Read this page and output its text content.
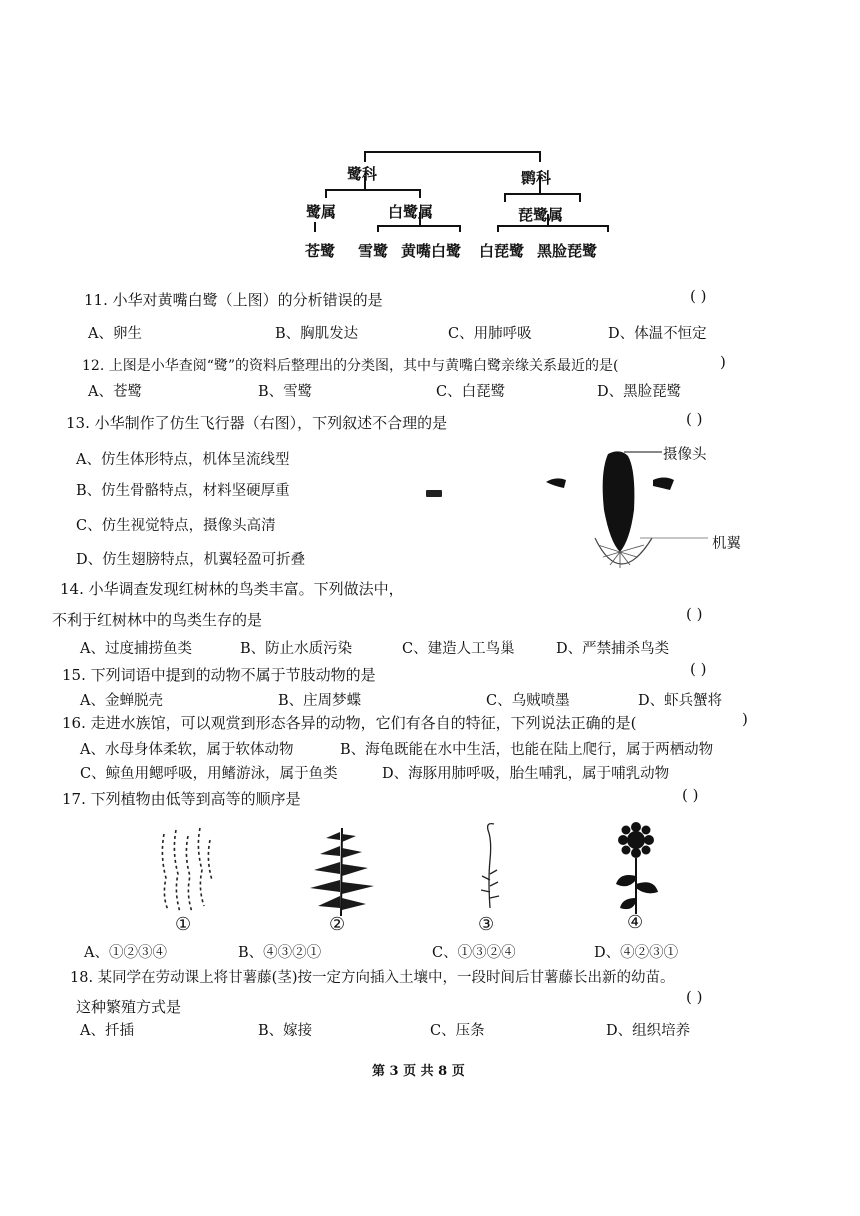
鹭科	鹮科
鹭属	白鹭属	琵鹭属
苍鹭 雪鹭 黄嘴白鹭 白琵鹭 黑脸琵鹭
11. 小华对黄嘴白鹭（上图）的分析错误的是	( )
A、卵生	B、胸肌发达	C、用肺呼吸	D、体温不恒定
12. 上图是小华查阅“鹭”的资料后整理出的分类图，其中与黄嘴白鹭亲缘关系最近的是(	)
A、苍鹭	B、雪鹭	C、白琵鹭	D、黑脸琵鹭
13. 小华制作了仿生飞行器（右图），下列叙述不合理的是	( )
A、仿生体形特点，机体呈流线型
B、仿生骨骼特点，材料坚硬厚重
C、仿生视觉特点，摄像头高清
D、仿生翅膀特点，机翼轻盈可折叠
摄像头
机翼
14. 小华调查发现红树林的鸟类丰富。下列做法中，
不利于红树林中的鸟类生存的是	( )
A、过度捕捞鱼类	B、防止水质污染	C、建造人工鸟巢	D、严禁捕杀鸟类
15. 下列词语中提到的动物不属于节肢动物的是	( )
A、金蝉脱壳	B、庄周梦蝶	C、乌贼喷墨	D、虾兵蟹将
16. 走进水族馆，可以观赏到形态各异的动物，它们有各自的特征，下列说法正确的是(	)
A、水母身体柔软，属于软体动物	B、海龟既能在水中生活，也能在陆上爬行，属于两栖动物
C、鲸鱼用鳃呼吸，用鳍游泳，属于鱼类	D、海豚用肺呼吸，胎生哺乳，属于哺乳动物
17. 下列植物由低等到高等的顺序是	( )
①	②	③	④
A、①②③④	B、④③②①	C、①③②④	D、④②③①
18. 某同学在劳动课上将甘薯藤(茎)按一定方向插入土壤中，一段时间后甘薯藤长出新的幼苗。
这种繁殖方式是
( )
A、扦插	B、嫁接	C、压条	D、组织培养
第 3 页 共 8 页
